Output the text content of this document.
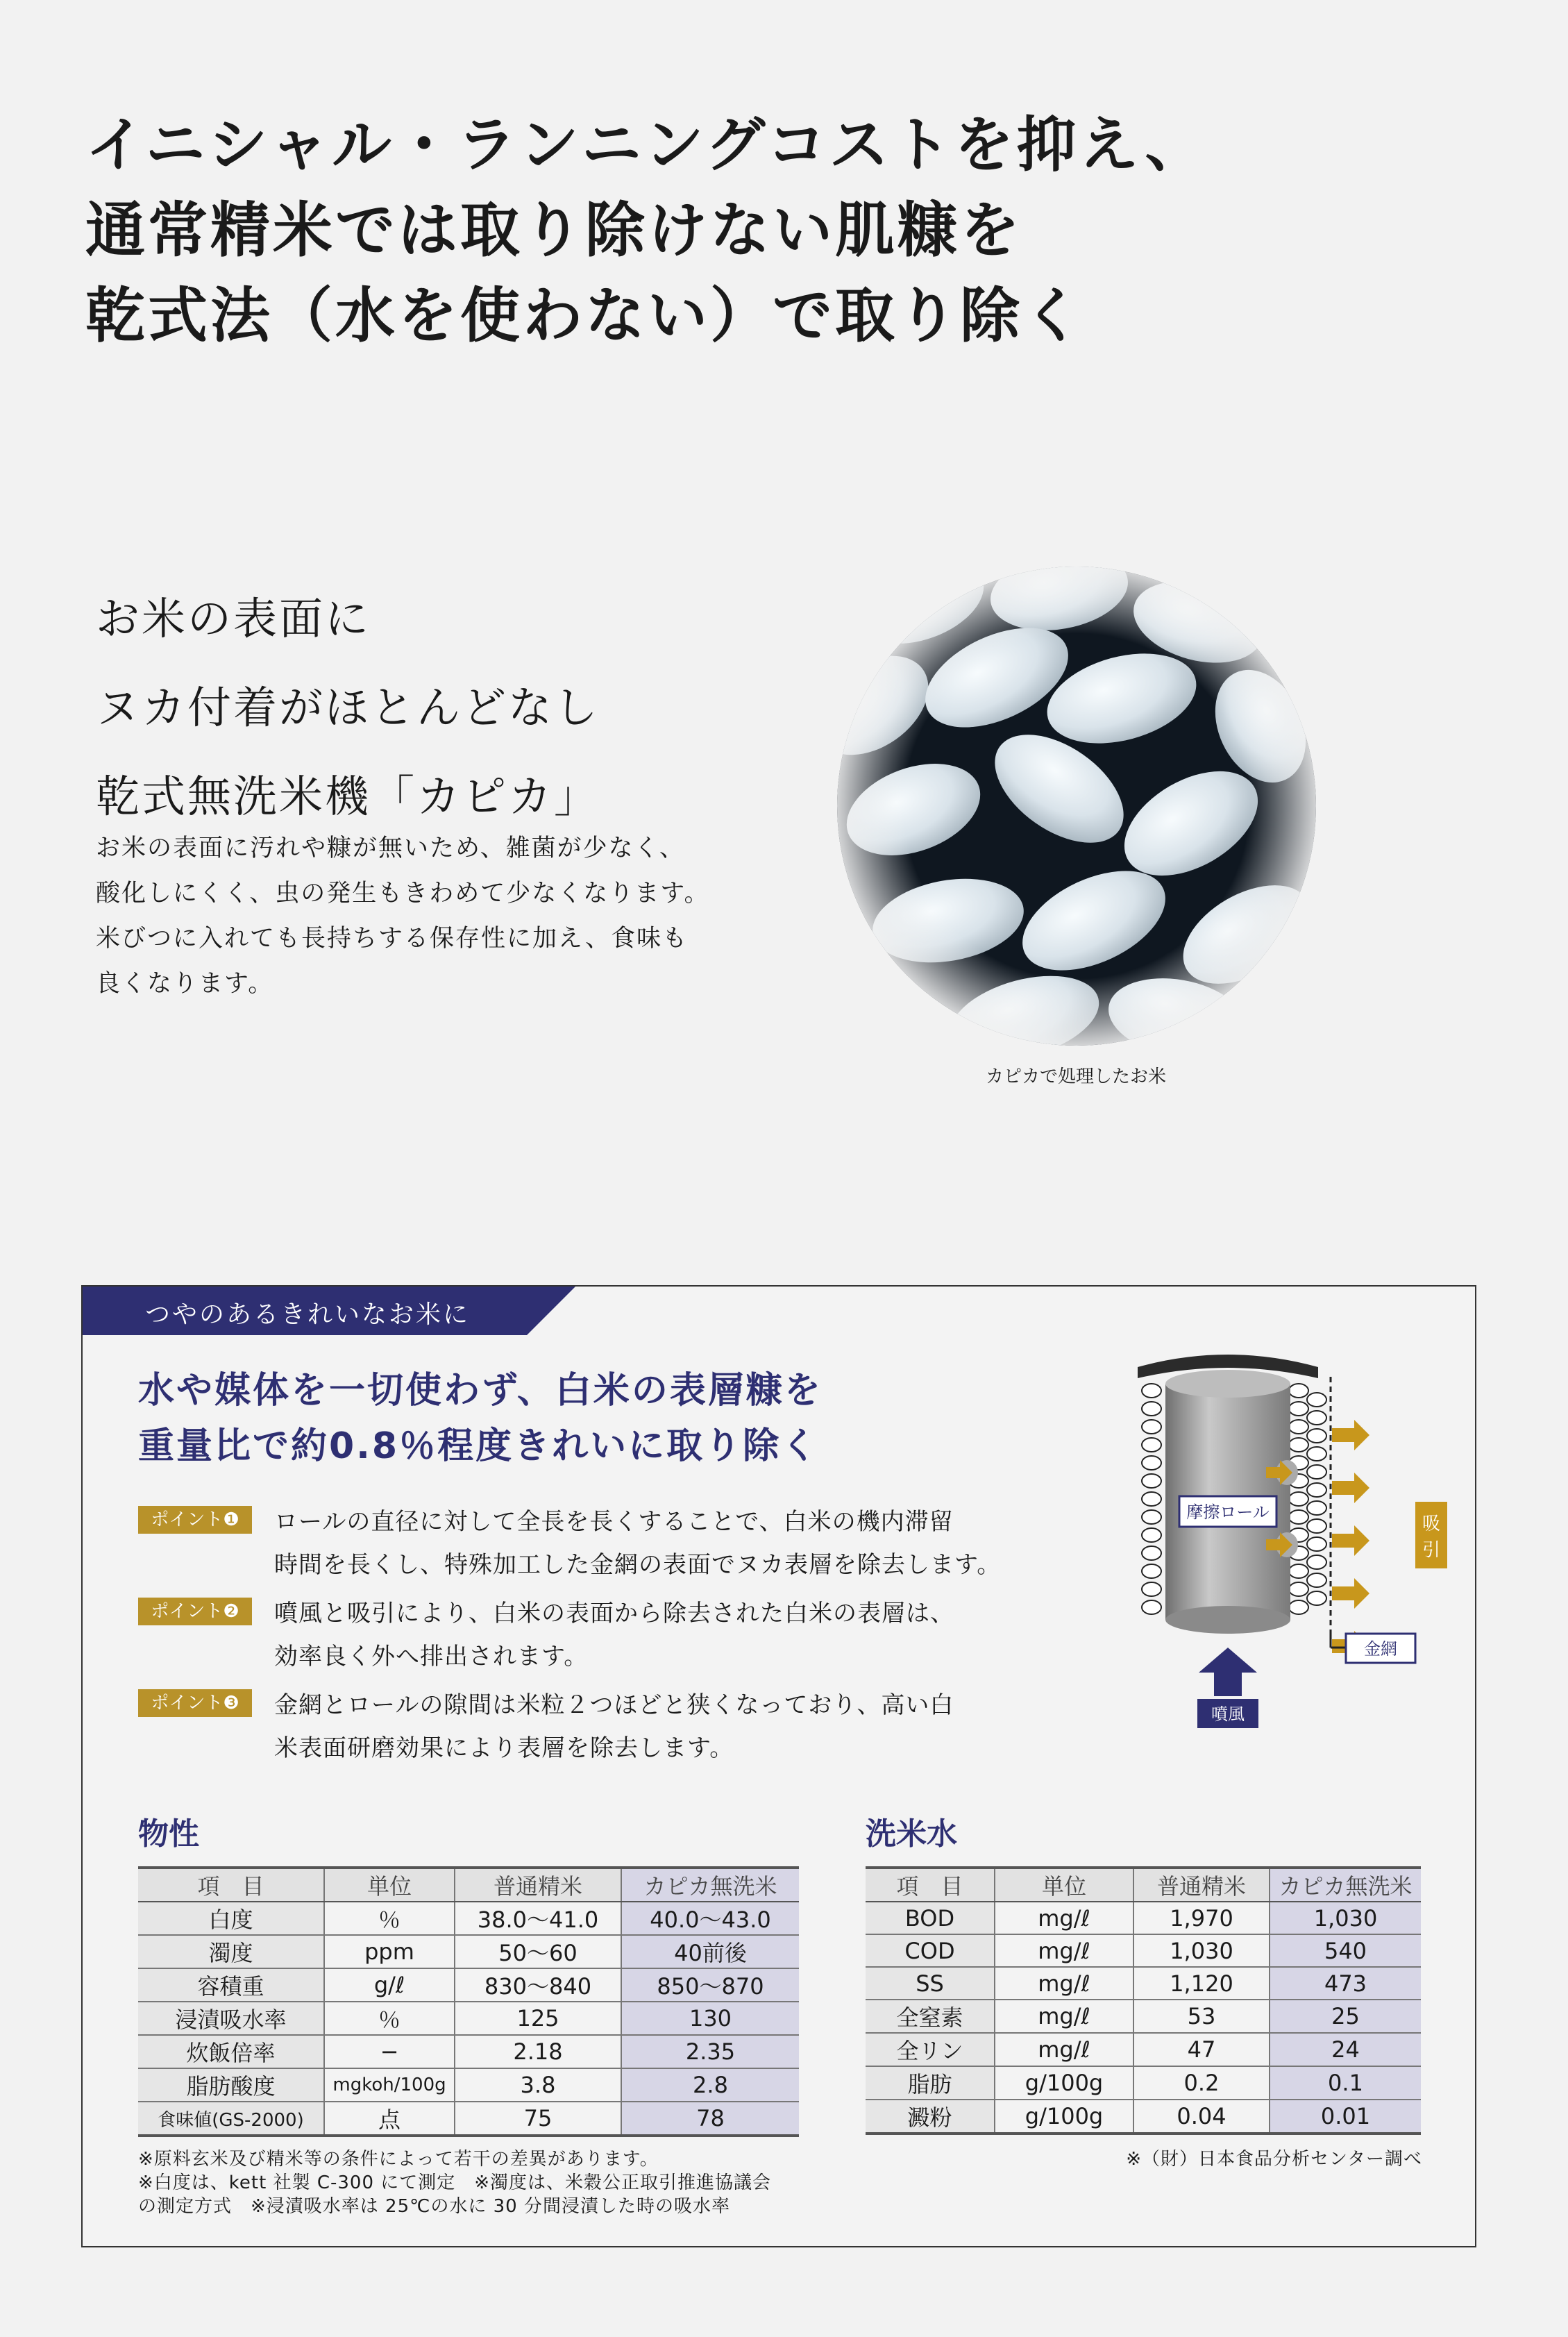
イニシャル・ランニングコストを抑え、
通常精米では取り除けない肌糠を
乾式法（水を使わない）で取り除く
お米の表面に
ヌカ付着がほとんどなし
乾式無洗米機「カピカ」
お米の表面に汚れや糠が無いため、雑菌が少なく、
酸化しにくく、虫の発生もきわめて少なくなります。
米びつに入れても長持ちする保存性に加え、食味も
良くなります。
カピカで処理したお米
つやのあるきれいなお米に
水や媒体を一切使わず、白米の表層糠を
重量比で約0.8％程度きれいに取り除く
ポイント❶	ロールの直径に対して全長を長くすることで、白米の機内滞留
時間を長くし、特殊加工した金網の表面でヌカ表層を除去します。
ポイント❷	噴風と吸引により、白米の表面から除去された白米の表層は、
効率良く外へ排出されます。
ポイント❸	金網とロールの隙間は米粒２つほどと狭くなっており、高い白
米表面研磨効果により表層を除去します。
摩擦ロール
吸
引
金網
噴風
物性
項　目	単位	普通精米	カピカ無洗米
白度	％	38.0〜41.0	40.0〜43.0
濁度	ppm	50〜60	40前後
容積重	g/ℓ	830〜840	850〜870
浸漬吸水率	％	125	130
炊飯倍率	−	2.18	2.35
脂肪酸度	mgkoh/100g	3.8	2.8
食味値(GS-2000)	点	75	78
洗米水
項　目	単位	普通精米	カピカ無洗米
BOD	mg/ℓ	1,970	1,030
COD	mg/ℓ	1,030	540
SS	mg/ℓ	1,120	473
全窒素	mg/ℓ	53	25
全リン	mg/ℓ	47	24
脂肪	g/100g	0.2	0.1
澱粉	g/100g	0.04	0.01
※原料玄米及び精米等の条件によって若干の差異があります。
※白度は、kett 社製 C-300 にて測定　※濁度は、米穀公正取引推進協議会
の測定方式　※浸漬吸水率は 25℃の水に 30 分間浸漬した時の吸水率
※（財）日本食品分析センター調べ
